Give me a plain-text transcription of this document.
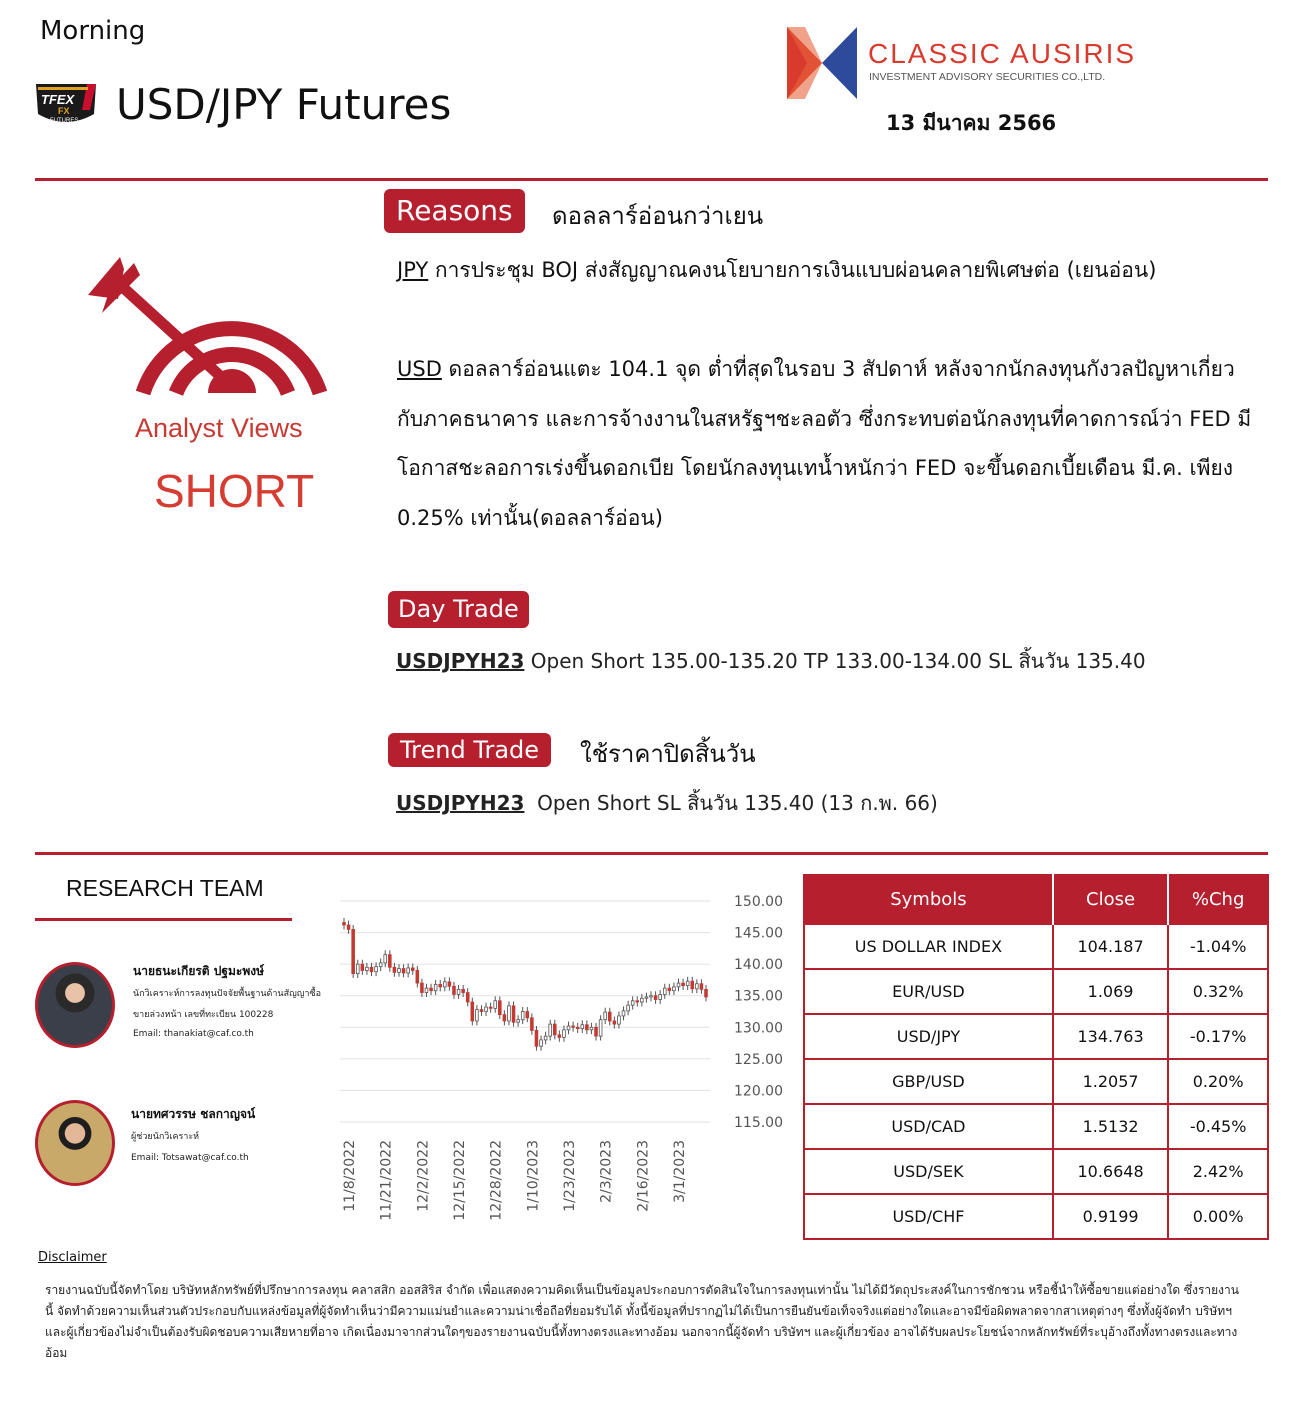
Morning
TFEX
FX
FUTURES USD/JPY Futures
CLASSIC AUSIRIS
INVESTMENT ADVISORY SECURITIES CO.,LTD.
13 มีนาคม 2566
Analyst Views
SHORT
Reasons	ดอลลาร์อ่อนกว่าเยน
JPY การประชุม BOJ ส่งสัญญาณคงนโยบายการเงินแบบผ่อนคลายพิเศษต่อ (เยนอ่อน)
USD ดอลลาร์อ่อนแตะ 104.1 จุด ต่ำที่สุดในรอบ 3 สัปดาห์ หลังจากนักลงทุนกังวลปัญหาเกี่ยวกับภาคธนาคาร และการจ้างงานในสหรัฐฯชะลอตัว ซึ่งกระทบต่อนักลงทุนที่คาดการณ์ว่า FED มีโอกาสชะลอการเร่งขึ้นดอกเบีย โดยนักลงทุนเทน้ำหนักว่า FED จะขึ้นดอกเบี้ยเดือน มี.ค. เพียง 0.25% เท่านั้น(ดอลลาร์อ่อน)
Day Trade
USDJPYH23 Open Short 135.00-135.20 TP 133.00-134.00 SL สิ้นวัน 135.40
Trend Trade	ใช้ราคาปิดสิ้นวัน
USDJPYH23  Open Short SL สิ้นวัน 135.40 (13 ก.พ. 66)
RESEARCH TEAM
นายธนะเกียรติ ปฐมะพงษ์
นักวิเคราะห์การลงทุนปัจจัยพื้นฐานด้านสัญญาซื้อขายล่วงหน้า เลขที่ทะเบียน 100228
Email: thanakiat@caf.co.th
นายทศวรรษ ชลกาญจน์
ผู้ช่วยนักวิเคราะห์
Email: Totsawat@caf.co.th
150.00
145.00
140.00
135.00
130.00
125.00
120.00
115.00
11/8/2022 11/21/2022 12/2/2022 12/15/2022 12/28/2022 1/10/2023 1/23/2023 2/3/2023 2/16/2023 3/1/2023
Symbols	Close	%Chg
US DOLLAR INDEX	104.187	-1.04%
EUR/USD	1.069	0.32%
USD/JPY	134.763	-0.17%
GBP/USD	1.2057	0.20%
USD/CAD	1.5132	-0.45%
USD/SEK	10.6648	2.42%
USD/CHF	0.9199	0.00%
Disclaimer
รายงานฉบับนี้จัดทำโดย บริษัทหลักทรัพย์ที่ปรึกษาการลงทุน คลาสสิก ออสสิริส จำกัด เพื่อแสดงความคิดเห็นเป็นข้อมูลประกอบการตัดสินใจในการลงทุนเท่านั้น ไม่ได้มีวัตถุประสงค์ในการชักชวน หรือชี้นำให้ซื้อขายแต่อย่างใด ซึ่งรายงานนี้ จัดทำด้วยความเห็นส่วนตัวประกอบกับแหล่งข้อมูลที่ผู้จัดทำเห็นว่ามีความแม่นยำและความน่าเชื่อถือที่ยอมรับได้ ทั้งนี้ข้อมูลที่ปรากฏไม่ได้เป็นการยืนยันข้อเท็จจริงแต่อย่างใดและอาจมีข้อผิดพลาดจากสาเหตุต่างๆ ซึ่งทั้งผู้จัดทำ บริษัทฯ และผู้เกี่ยวข้องไม่จำเป็นต้องรับผิดชอบความเสียหายที่อาจ เกิดเนื่องมาจากส่วนใดๆของรายงานฉบับนี้ทั้งทางตรงและทางอ้อม นอกจากนี้ผู้จัดทำ บริษัทฯ และผู้เกี่ยวข้อง อาจได้รับผลประโยชน์จากหลักทรัพย์ที่ระบุอ้างถึงทั้งทางตรงและทางอ้อม
